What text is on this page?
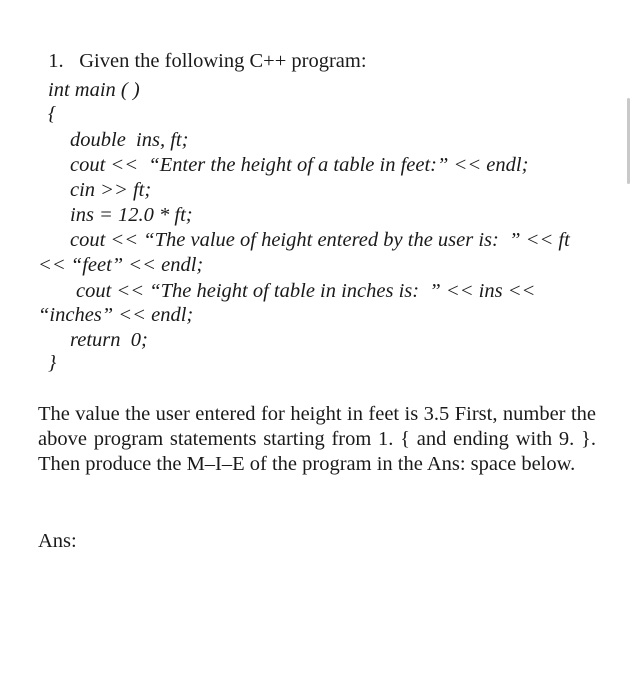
1. Given the following C++ program:

int main ( )
{
double  ins, ft;
cout <<  “Enter the height of a table in feet:” << endl;
cin >> ft;
ins = 12.0 * ft;
cout << “The value of height entered by the user is:  ” << ft
<< “feet” << endl;
cout << “The height of table in inches is:  ” << ins <<
“inches” << endl;
return  0;
}
The value the user entered for height in feet is 3.5 First, number the above program statements starting from 1. { and ending with 9. }. Then produce the M–I–E of the program in the Ans: space below.
Ans:
